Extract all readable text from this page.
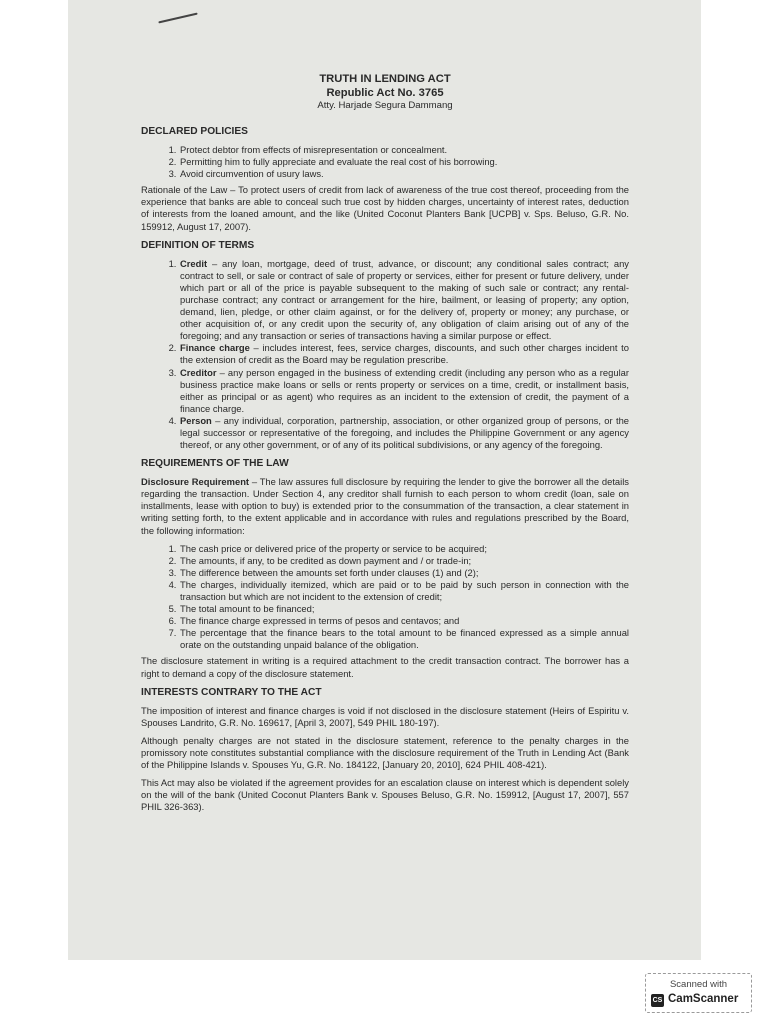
TRUTH IN LENDING ACT
Republic Act No. 3765
Atty. Harjade Segura Dammang
DECLARED POLICIES
1. Protect debtor from effects of misrepresentation or concealment.
2. Permitting him to fully appreciate and evaluate the real cost of his borrowing.
3. Avoid circumvention of usury laws.

Rationale of the Law – To protect users of credit from lack of awareness of the true cost thereof, proceeding from the experience that banks are able to conceal such true cost by hidden charges, uncertainty of interest rates, deduction of interests from the loaned amount, and the like (United Coconut Planters Bank [UCPB] v. Sps. Beluso, G.R. No. 159912, August 17, 2007).

DEFINITION OF TERMS
1. Credit – any loan, mortgage, deed of trust, advance, or discount; any conditional sales contract; any contract to sell, or sale or contract of sale of property or services, either for present or future delivery, under which part or all of the price is payable subsequent to the making of such sale or contract; any rental-purchase contract; any contract or arrangement for the hire, bailment, or leasing of property; any option, demand, lien, pledge, or other claim against, or for the delivery of, property or money; any purchase, or other acquisition of, or any credit upon the security of, any obligation of claim arising out of any of the foregoing; and any transaction or series of transactions having a similar purpose or effect.
2. Finance charge – includes interest, fees, service charges, discounts, and such other charges incident to the extension of credit as the Board may be regulation prescribe.
3. Creditor – any person engaged in the business of extending credit (including any person who as a regular business practice make loans or sells or rents property or services on a time, credit, or installment basis, either as principal or as agent) who requires as an incident to the extension of credit, the payment of a finance charge.
4. Person – any individual, corporation, partnership, association, or other organized group of persons, or the legal successor or representative of the foregoing, and includes the Philippine Government or any agency thereof, or any other government, or of any of its political subdivisions, or any agency of the foregoing.
REQUIREMENTS OF THE LAW

Disclosure Requirement – The law assures full disclosure by requiring the lender to give the borrower all the details regarding the transaction. Under Section 4, any creditor shall furnish to each person to whom credit (loan, sale on installments, lease with option to buy) is extended prior to the consummation of the transaction, a clear statement in writing setting forth, to the extent applicable and in accordance with rules and regulations prescribed by the Board, the following information:

1. The cash price or delivered price of the property or service to be acquired;
2. The amounts, if any, to be credited as down payment and / or trade-in;
3. The difference between the amounts set forth under clauses (1) and (2);
4. The charges, individually itemized, which are paid or to be paid by such person in connection with the transaction but which are not incident to the extension of credit;
5. The total amount to be financed;
6. The finance charge expressed in terms of pesos and centavos; and
7. The percentage that the finance bears to the total amount to be financed expressed as a simple annual orate on the outstanding unpaid balance of the obligation.

The disclosure statement in writing is a required attachment to the credit transaction contract. The borrower has a right to demand a copy of the disclosure statement.

INTERESTS CONTRARY TO THE ACT

The imposition of interest and finance charges is void if not disclosed in the disclosure statement (Heirs of Espiritu v. Spouses Landrito, G.R. No. 169617, [April 3, 2007], 549 PHIL 180-197).

Although penalty charges are not stated in the disclosure statement, reference to the penalty charges in the promissory note constitutes substantial compliance with the disclosure requirement of the Truth in Lending Act (Bank of the Philippine Islands v. Spouses Yu, G.R. No. 184122, [January 20, 2010], 624 PHIL 408-421).

This Act may also be violated if the agreement provides for an escalation clause on interest which is dependent solely on the will of the bank (United Coconut Planters Bank v. Spouses Beluso, G.R. No. 159912, [August 17, 2007], 557 PHIL 326-363).

Scanned with
CS CamScanner
